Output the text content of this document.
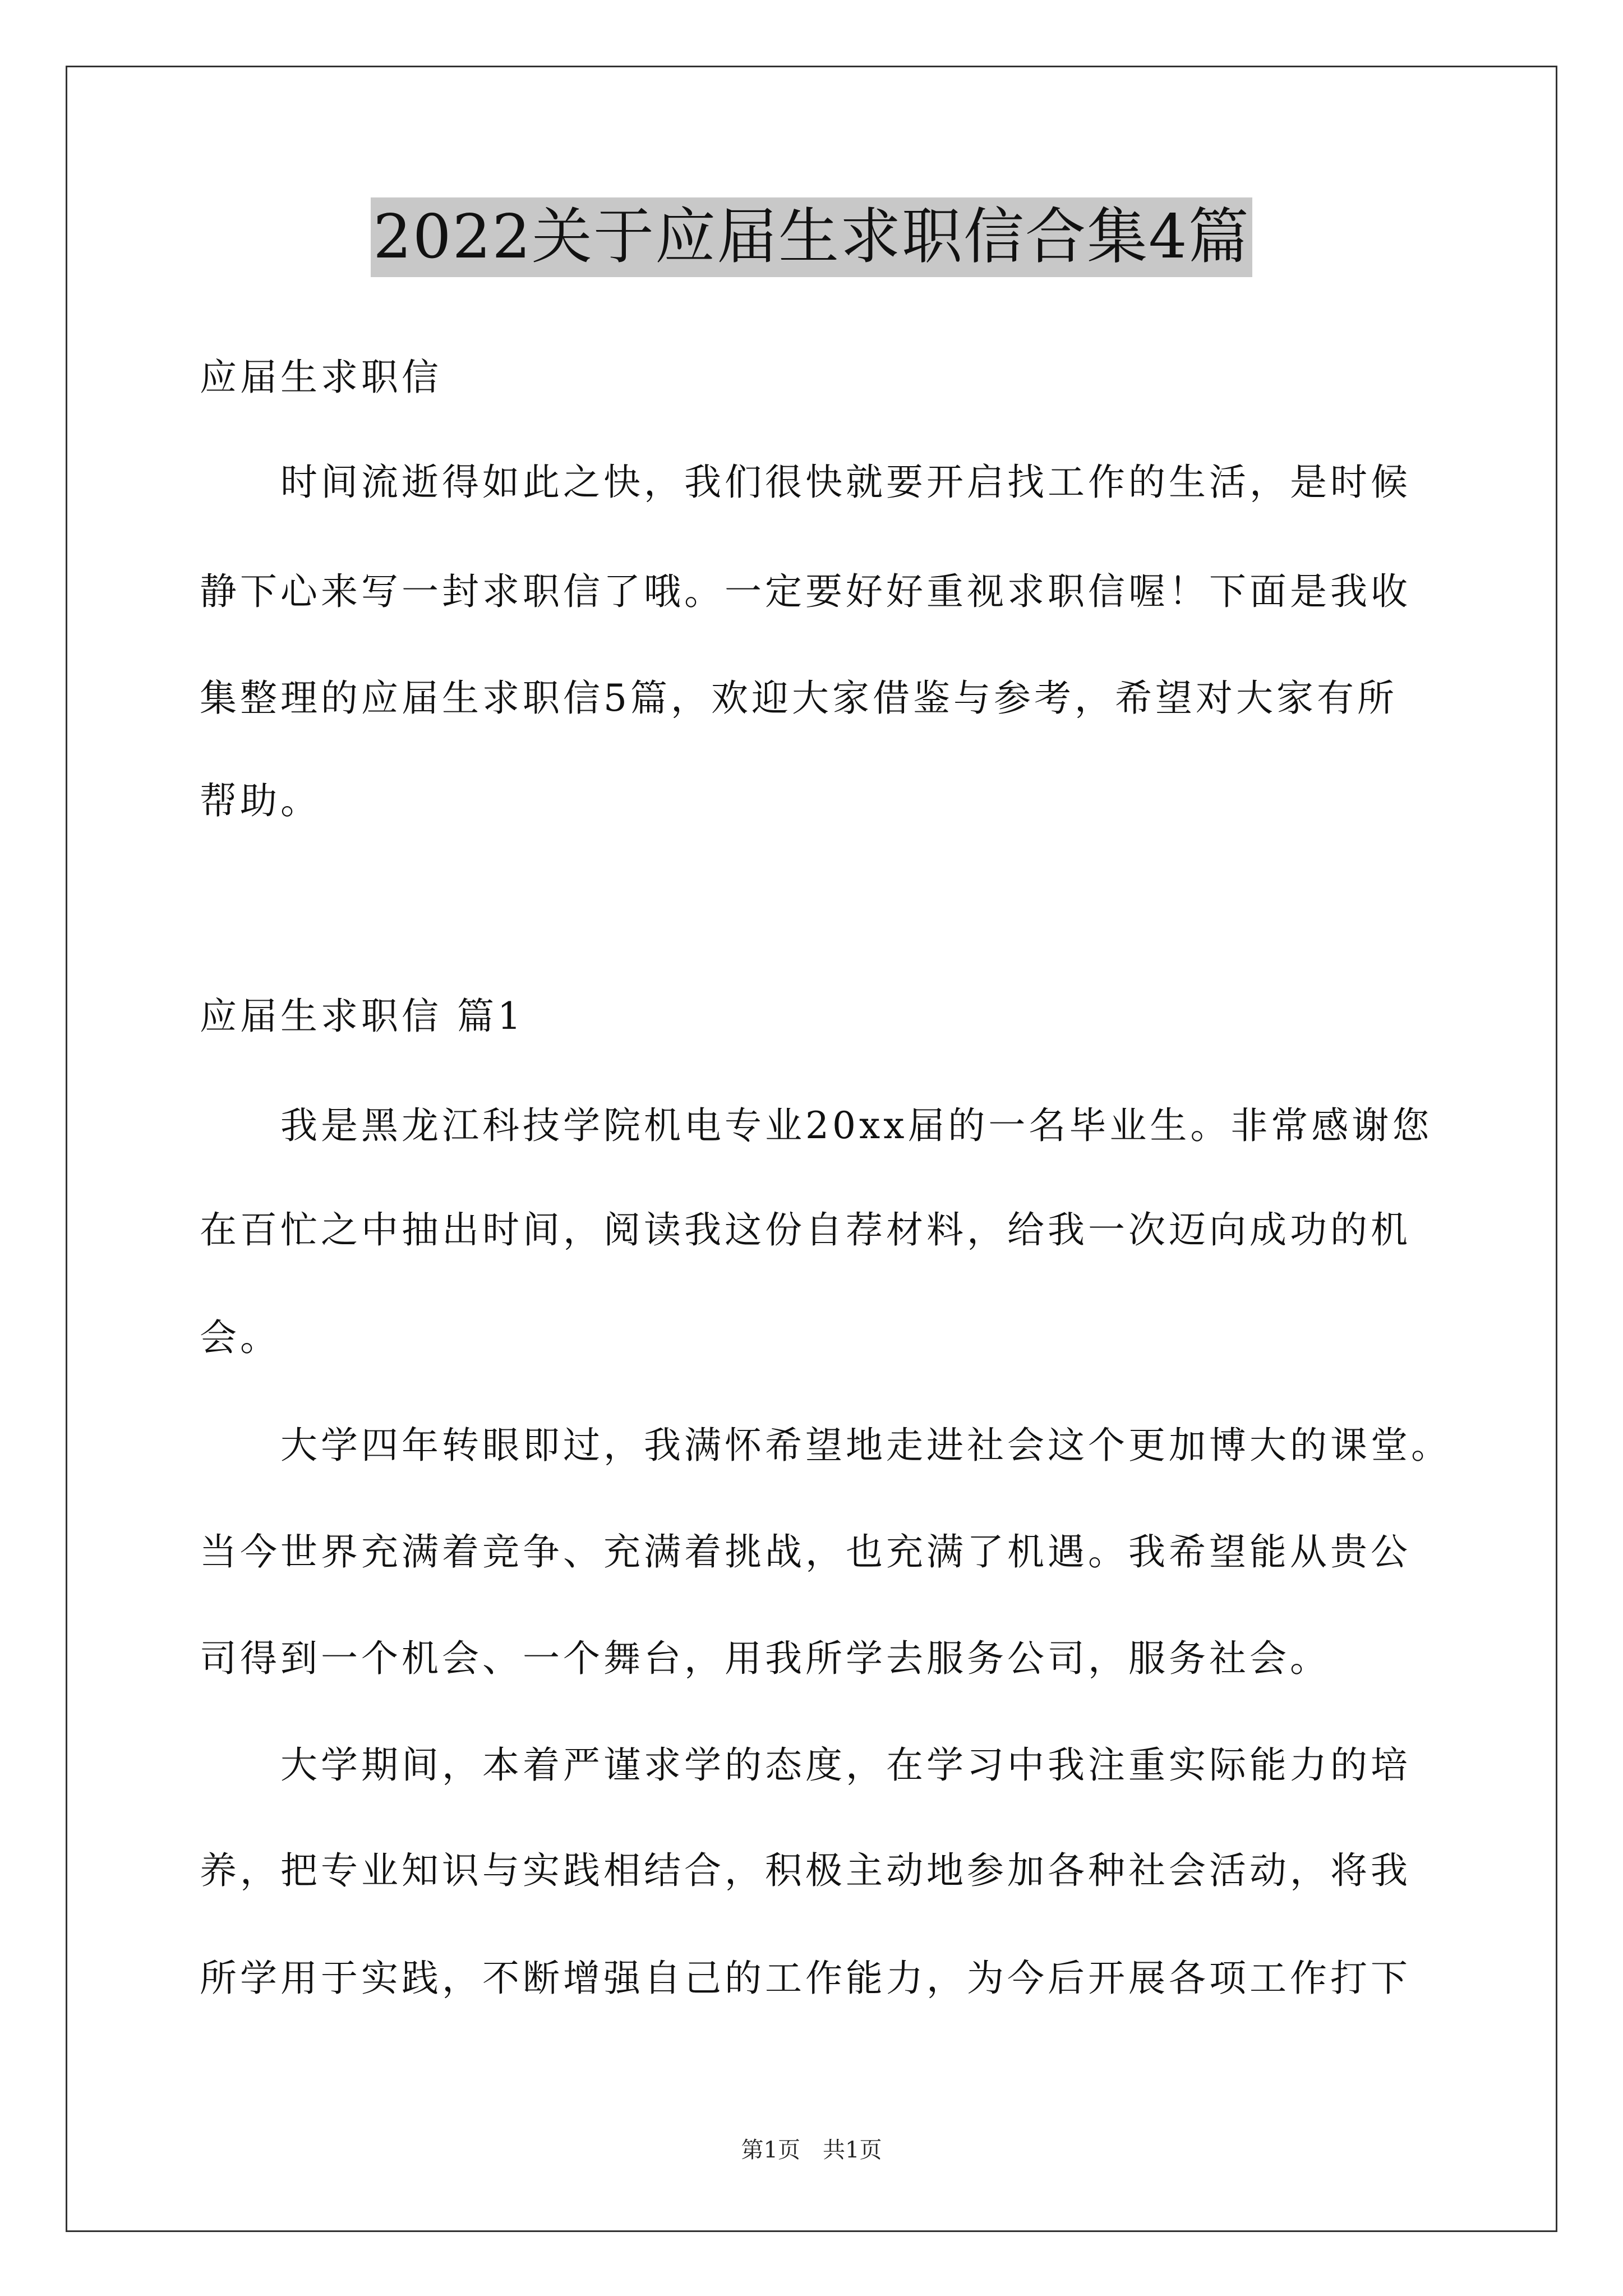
2022关于应届生求职信合集4篇
应届生求职信
时间流逝得如此之快，我们很快就要开启找工作的生活，是时候
静下心来写一封求职信了哦。一定要好好重视求职信喔！下面是我收
集整理的应届生求职信5篇，欢迎大家借鉴与参考，希望对大家有所
帮助。
应届生求职信 篇1
我是黑龙江科技学院机电专业20xx届的一名毕业生。非常感谢您
在百忙之中抽出时间，阅读我这份自荐材料，给我一次迈向成功的机
会。
大学四年转眼即过，我满怀希望地走进社会这个更加博大的课堂。
当今世界充满着竞争、充满着挑战，也充满了机遇。我希望能从贵公
司得到一个机会、一个舞台，用我所学去服务公司，服务社会。
大学期间，本着严谨求学的态度，在学习中我注重实际能力的培
养，把专业知识与实践相结合，积极主动地参加各种社会活动，将我
所学用于实践，不断增强自己的工作能力，为今后开展各项工作打下
第1页　共1页
